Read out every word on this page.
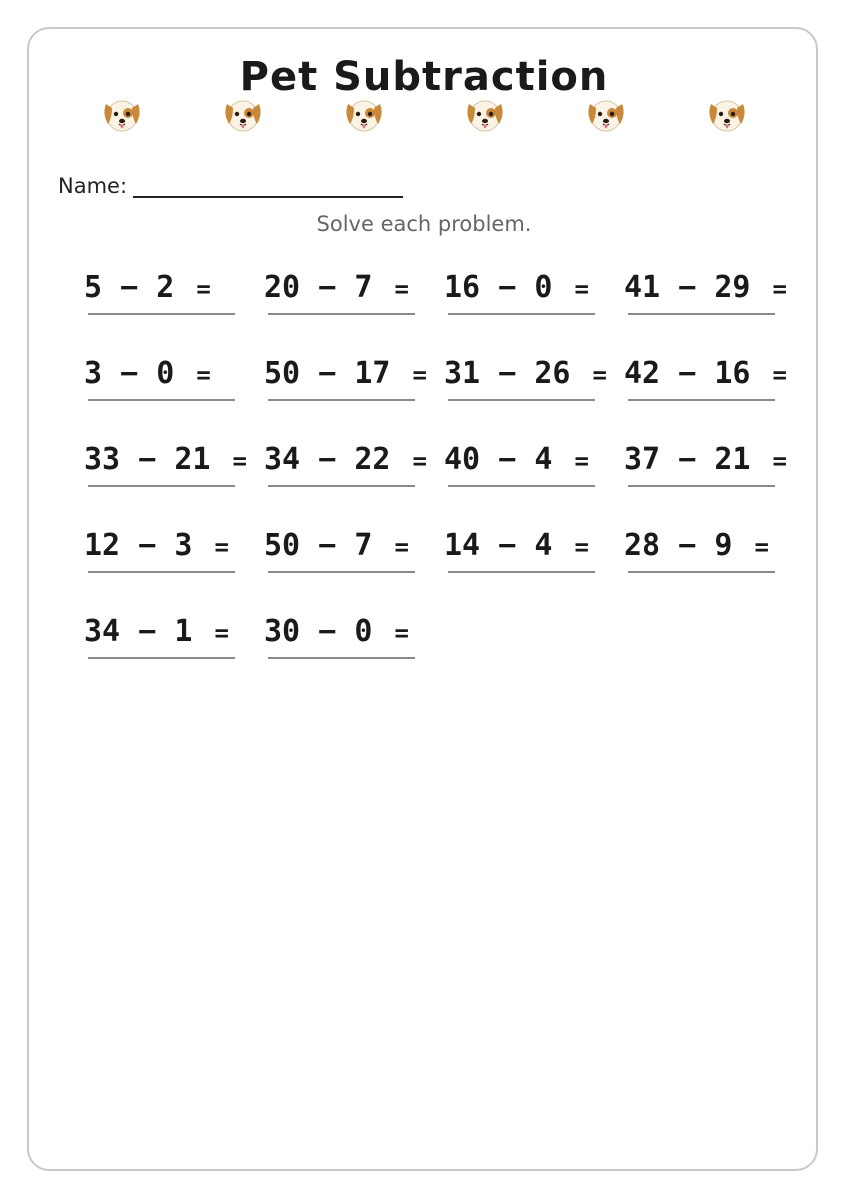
Pet Subtraction
Name:
Solve each problem.
5 − 2 = 20 − 7 = 16 − 0 = 41 − 29 =
3 − 0 = 50 − 17 = 31 − 26 = 42 − 16 =
33 − 21 = 34 − 22 = 40 − 4 = 37 − 21 =
12 − 3 = 50 − 7 = 14 − 4 = 28 − 9 =
34 − 1 = 30 − 0 =
